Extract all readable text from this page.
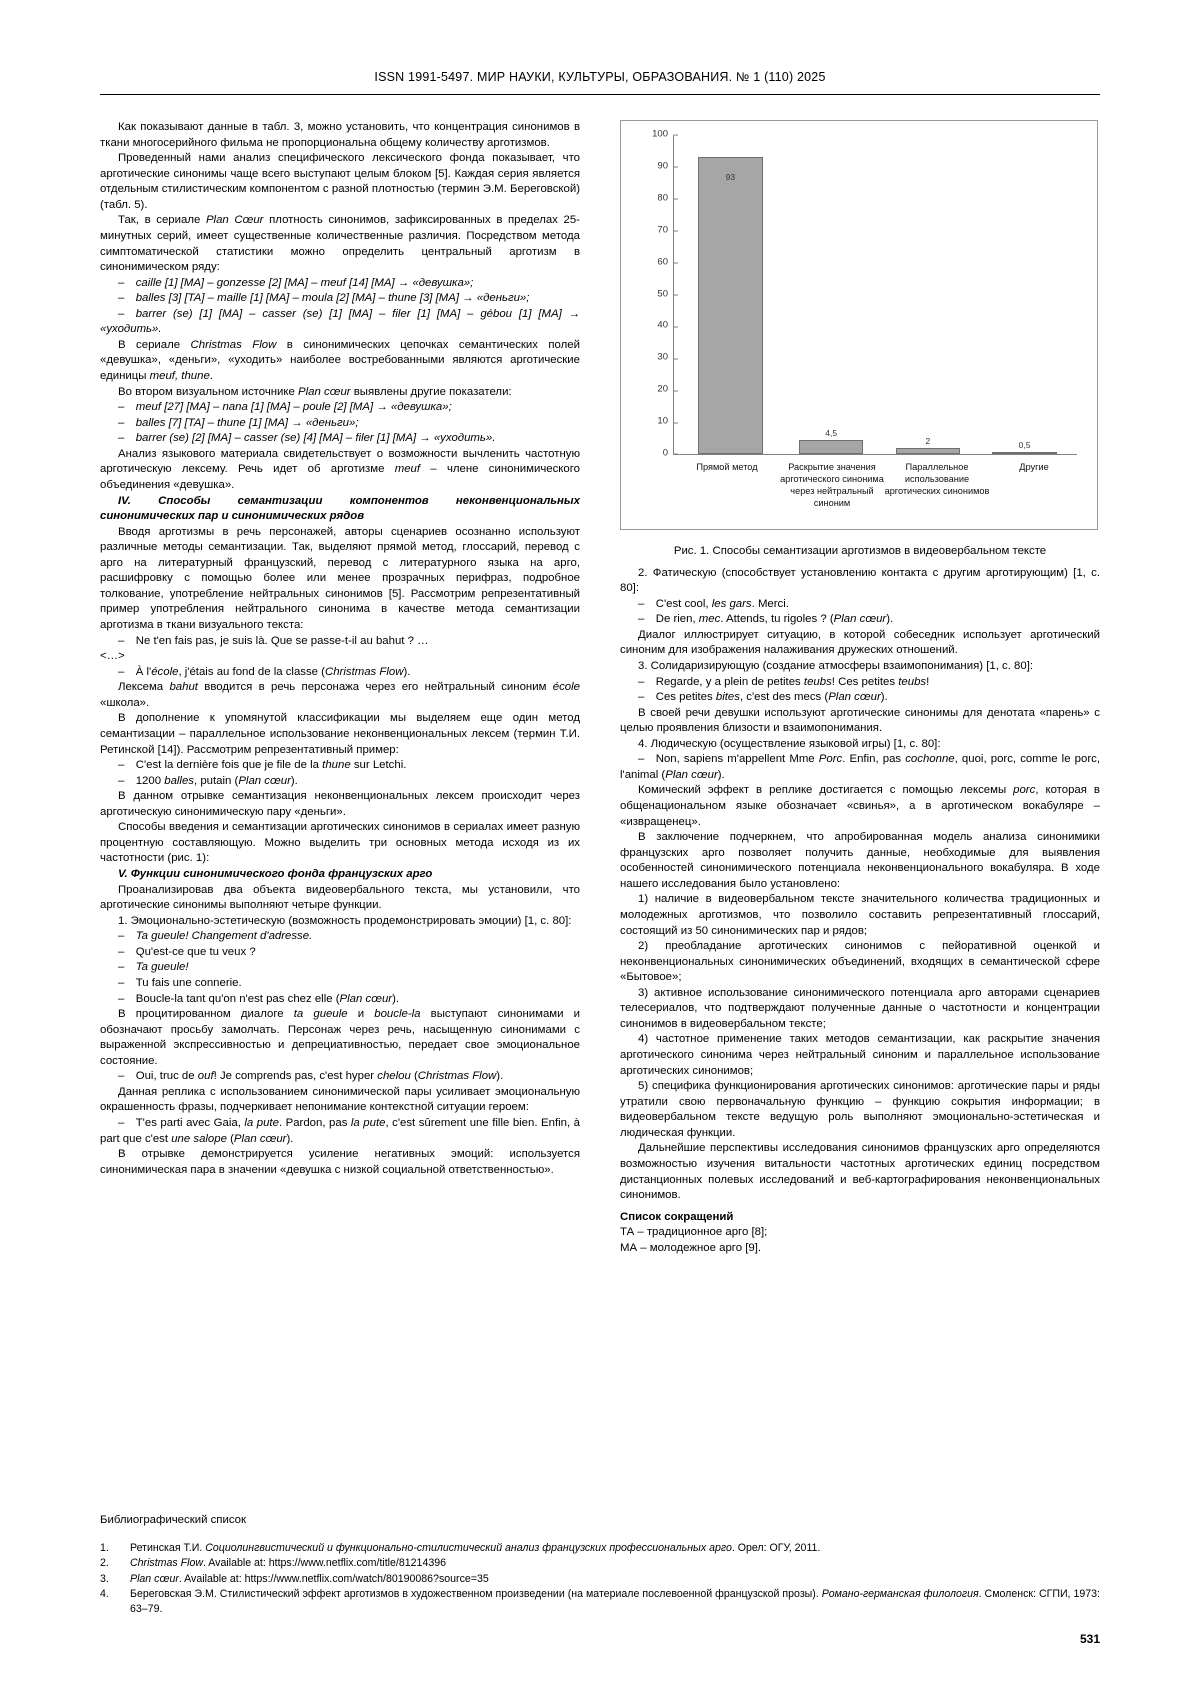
ISSN 1991-5497. МИР НАУКИ, КУЛЬТУРЫ, ОБРАЗОВАНИЯ. № 1 (110) 2025

Как показывают данные в табл. 3, можно установить, что концентрация синонимов в ткани многосерийного фильма не пропорциональна общему количеству арготизмов.

Проведенный нами анализ специфического лексического фонда показывает, что арготические синонимы чаще всего выступают целым блоком [5]. Каждая серия является отдельным стилистическим компонентом с разной плотностью (термин Э.М. Береговской) (табл. 5).

Так, в сериале Plan Cœur плотность синонимов, зафиксированных в пределах 25-минутных серий, имеет существенные количественные различия. Посредством метода симптоматической статистики можно определить центральный арготизм в синонимическом ряду:

– caille [1] [MA] – gonzesse [2] [MA] – meuf [14] [MA] → «девушка»;

– balles [3] [TA] – maille [1] [MA] – moula [2] [MA] – thune [3] [MA] → «деньги»;

– barrer (se) [1] [MA] – casser (se) [1] [MA] – filer [1] [MA] – gébou [1] [MA] → «уходить».

В сериале Christmas Flow в синонимических цепочках семантических полей «девушка», «деньги», «уходить» наиболее востребованными являются арготические единицы meuf, thune.

Во втором визуальном источнике Plan cœur выявлены другие показатели:

– meuf [27] [MA] – nana [1] [MA] – poule [2] [MA] → «девушка»;

– balles [7] [TA] – thune [1] [MA] → «деньги»;

– barrer (se) [2] [MA] – casser (se) [4] [MA] – filer [1] [MA] → «уходить».

Анализ языкового материала свидетельствует о возможности вычленить частотную арготическую лексему. Речь идет об арготизме meuf – члене синонимического объединения «девушка».

IV. Способы семантизации компонентов неконвенциональных синонимических пар и синонимических рядов

Вводя арготизмы в речь персонажей, авторы сценариев осознанно используют различные методы семантизации. Так, выделяют прямой метод, глоссарий, перевод с арго на литературный французский, перевод с литературного языка на арго, расшифровку с помощью более или менее прозрачных перифраз, подробное толкование, употребление нейтральных синонимов [5]. Рассмотрим репрезентативный пример употребления нейтрального синонима в качестве метода семантизации арготизма в ткани визуального текста:

– Ne t'en fais pas, je suis là. Que se passe-t-il au bahut ? …

<…>

– À l'école, j'étais au fond de la classe (Christmas Flow).

Лексема bahut вводится в речь персонажа через его нейтральный синоним école «школа».

В дополнение к упомянутой классификации мы выделяем еще один метод семантизации – параллельное использование неконвенциональных лексем (термин Т.И. Ретинской [14]). Рассмотрим репрезентативный пример:

– C'est la dernière fois que je file de la thune sur Letchi.

– 1200 balles, putain (Plan cœur).

В данном отрывке семантизация неконвенциональных лексем происходит через арготическую синонимическую пару «деньги».

Способы введения и семантизации арготических синонимов в сериалах имеет разную процентную составляющую. Можно выделить три основных метода исходя из их частотности (рис. 1):

V. Функции синонимического фонда французских арго

Проанализировав два объекта видеовербального текста, мы установили, что арготические синонимы выполняют четыре функции.

1. Эмоционально-эстетическую (возможность продемонстрировать эмоции) [1, с. 80]:

– Ta gueule! Changement d'adresse.

– Qu'est-ce que tu veux ?

– Ta gueule!

– Tu fais une connerie.

– Boucle-la tant qu'on n'est pas chez elle (Plan cœur).

В процитированном диалоге ta gueule и boucle-la выступают синонимами и обозначают просьбу замолчать. Персонаж через речь, насыщенную синонимами с выраженной экспрессивностью и депрециативностью, передает свое эмоциональное состояние.

– Oui, truc de ouf! Je comprends pas, c'est hyper chelou (Christmas Flow).

Данная реплика с использованием синонимической пары усиливает эмоциональную окрашенность фразы, подчеркивает непонимание контекстной ситуации героем:

– T'es parti avec Gaia, la pute. Pardon, pas la pute, c'est sûrement une fille bien. Enfin, à part que c'est une salope (Plan cœur).

В отрывке демонстрируется усиление негативных эмоций: используется синонимическая пара в значении «девушка с низкой социальной ответственностью».

100
90
80
70
60
50
40
30
20
10
0
93
4,5
2	0,5
Прямой метод	Раскрытие значения арготического синонима через нейтральный синоним
Параллельное использование арготических синонимов
Другие
Рис. 1. Способы семантизации арготизмов в видеовербальном тексте

2. Фатическую (способствует установлению контакта с другим арготирующим) [1, с. 80]:

– C'est cool, les gars. Merci.

– De rien, mec. Attends, tu rigoles ? (Plan cœur).

Диалог иллюстрирует ситуацию, в которой собеседник использует арготический синоним для изображения налаживания дружеских отношений.

3. Солидаризирующую (создание атмосферы взаимопонимания) [1, с. 80]:

– Regarde, y a plein de petites teubs! Ces petites teubs!

– Ces petites bites, c'est des mecs (Plan cœur).

В своей речи девушки используют арготические синонимы для денотата «парень» с целью проявления близости и взаимопонимания.

4. Людическую (осуществление языковой игры) [1, с. 80]:

– Non, sapiens m'appellent Mme Porc. Enfin, pas cochonne, quoi, porc, comme le porc, l'animal (Plan cœur).

Комический эффект в реплике достигается с помощью лексемы porc, которая в общенациональном языке обозначает «свинья», а в арготическом вокабуляре – «извращенец».

В заключение подчеркнем, что апробированная модель анализа синонимики французских арго позволяет получить данные, необходимые для выявления особенностей синонимического потенциала неконвенционального вокабуляра. В ходе нашего исследования было установлено:

1) наличие в видеовербальном тексте значительного количества традиционных и молодежных арготизмов, что позволило составить репрезентативный глоссарий, состоящий из 50 синонимических пар и рядов;

2) преобладание арготических синонимов с пейоративной оценкой и неконвенциональных синонимических объединений, входящих в семантической сфере «Бытовое»;

3) активное использование синонимического потенциала арго авторами сценариев телесериалов, что подтверждают полученные данные о частотности и концентрации синонимов в видеовербальном тексте;

4) частотное применение таких методов семантизации, как раскрытие значения арготического синонима через нейтральный синоним и параллельное использование арготических синонимов;

5) специфика функционирования арготических синонимов: арготические пары и ряды утратили свою первоначальную функцию – функцию сокрытия информации; в видеовербальном тексте ведущую роль выполняют эмоционально-эстетическая и людическая функции.

Дальнейшие перспективы исследования синонимов французских арго определяются возможностью изучения витальности частотных арготических единиц посредством дистанционных полевых исследований и веб-картографирования неконвенциональных синонимов.

Список сокращений

ТА – традиционное арго [8];

МА – молодежное арго [9].

Библиографический список
1. Ретинская Т.И. Социолингвистический и функционально-стилистический анализ французских профессиональных арго. Орел: ОГУ, 2011.
2. Christmas Flow. Available at: https://www.netflix.com/title/81214396
3. Plan cœur. Available at: https://www.netflix.com/watch/80190086?source=35
4. Береговская Э.М. Стилистический эффект арготизмов в художественном произведении (на материале послевоенной французской прозы). Романо-германская филология. Смоленск: СГПИ, 1973: 63–79.
531
